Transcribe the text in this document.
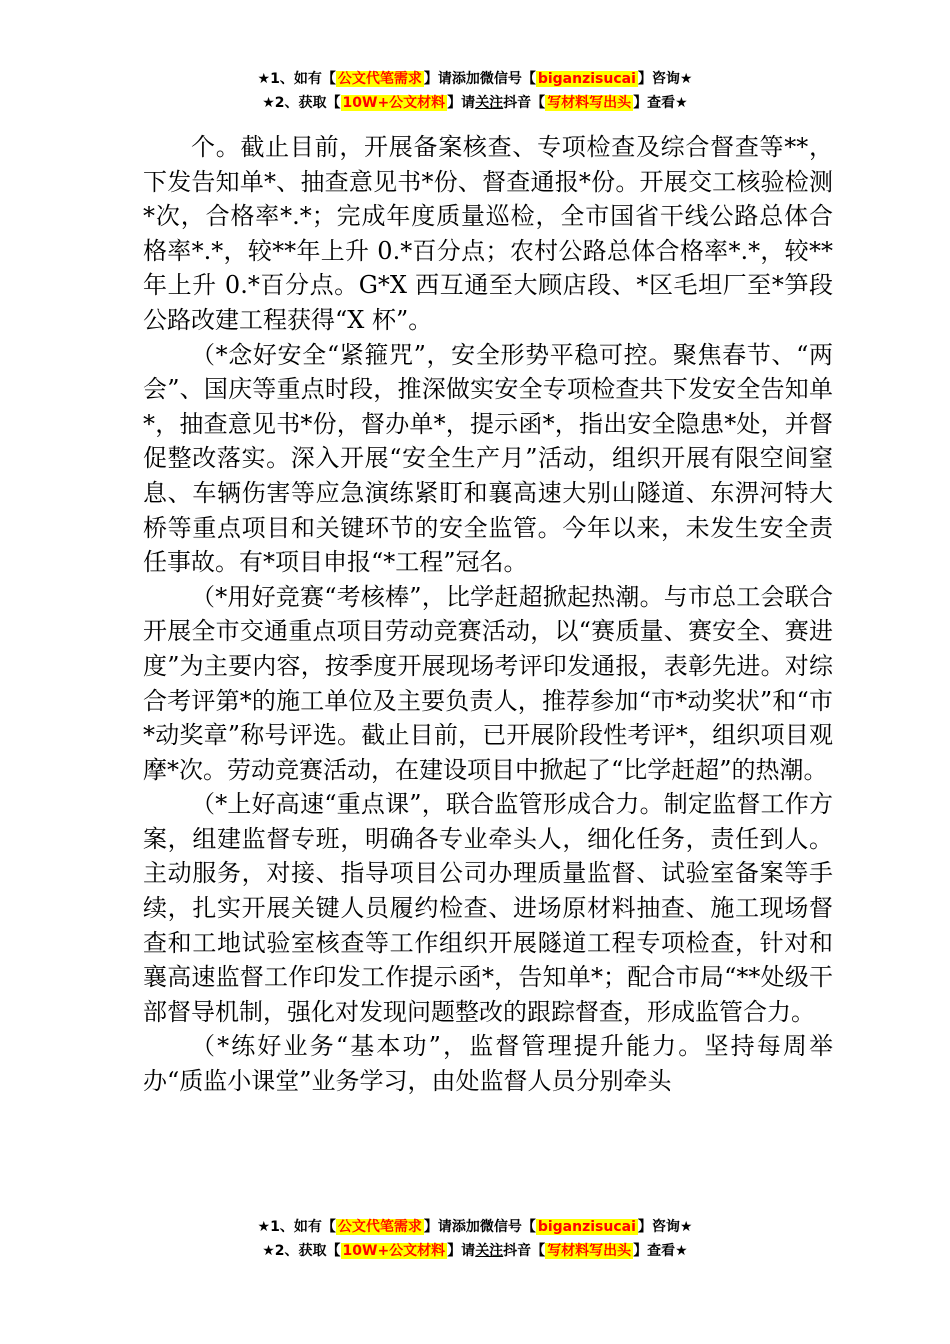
★1、如有【 公文代笔需求 】请添加微信号【 biganzisucai 】咨询★
★2、获取【 10W+公文材料 】请关注抖音【 写材料写出头 】查看★

个。截止目前，开展备案核查、专项检查及综合督查等**，下发告知单*、抽查意见书*份、督查通报*份。开展交工核验检测*次，合格率*.*；完成年度质量巡检，全市国省干线公路总体合格率*.*，较**年上升 0.*百分点；农村公路总体合格率*.*，较**年上升 0.*百分点。G*X 西互通至大顾店段、*区毛坦厂至*笋段公路改建工程获得“X 杯”。

（*念好安全“紧箍咒”，安全形势平稳可控。聚焦春节、“两会”、国庆等重点时段，推深做实安全专项检查共下发安全告知单*，抽查意见书*份，督办单*，提示函*，指出安全隐患*处，并督促整改落实。深入开展“安全生产月”活动，组织开展有限空间窒息、车辆伤害等应急演练紧盯和襄高速大别山隧道、东淠河特大桥等重点项目和关键环节的安全监管。今年以来，未发生安全责任事故。有*项目申报“*工程”冠名。

（*用好竞赛“考核棒”，比学赶超掀起热潮。与市总工会联合开展全市交通重点项目劳动竞赛活动，以“赛质量、赛安全、赛进度”为主要内容，按季度开展现场考评印发通报，表彰先进。对综合考评第*的施工单位及主要负责人，推荐参加“市*动奖状”和“市*动奖章”称号评选。截止目前，已开展阶段性考评*，组织项目观摩*次。劳动竞赛活动，在建设项目中掀起了“比学赶超”的热潮。

（*上好高速“重点课”，联合监管形成合力。制定监督工作方案，组建监督专班，明确各专业牵头人，细化任务，责任到人。主动服务，对接、指导项目公司办理质量监督、试验室备案等手续，扎实开展关键人员履约检查、进场原材料抽查、施工现场督查和工地试验室核查等工作组织开展隧道工程专项检查，针对和襄高速监督工作印发工作提示函*，告知单*；配合市局“**处级干部督导机制，强化对发现问题整改的跟踪督查，形成监管合力。

（*练好业务“基本功”，监督管理提升能力。坚持每周举办“质监小课堂”业务学习，由处监督人员分别牵头

★1、如有【 公文代笔需求 】请添加微信号【 biganzisucai 】咨询★
★2、获取【 10W+公文材料 】请关注抖音【 写材料写出头 】查看★
